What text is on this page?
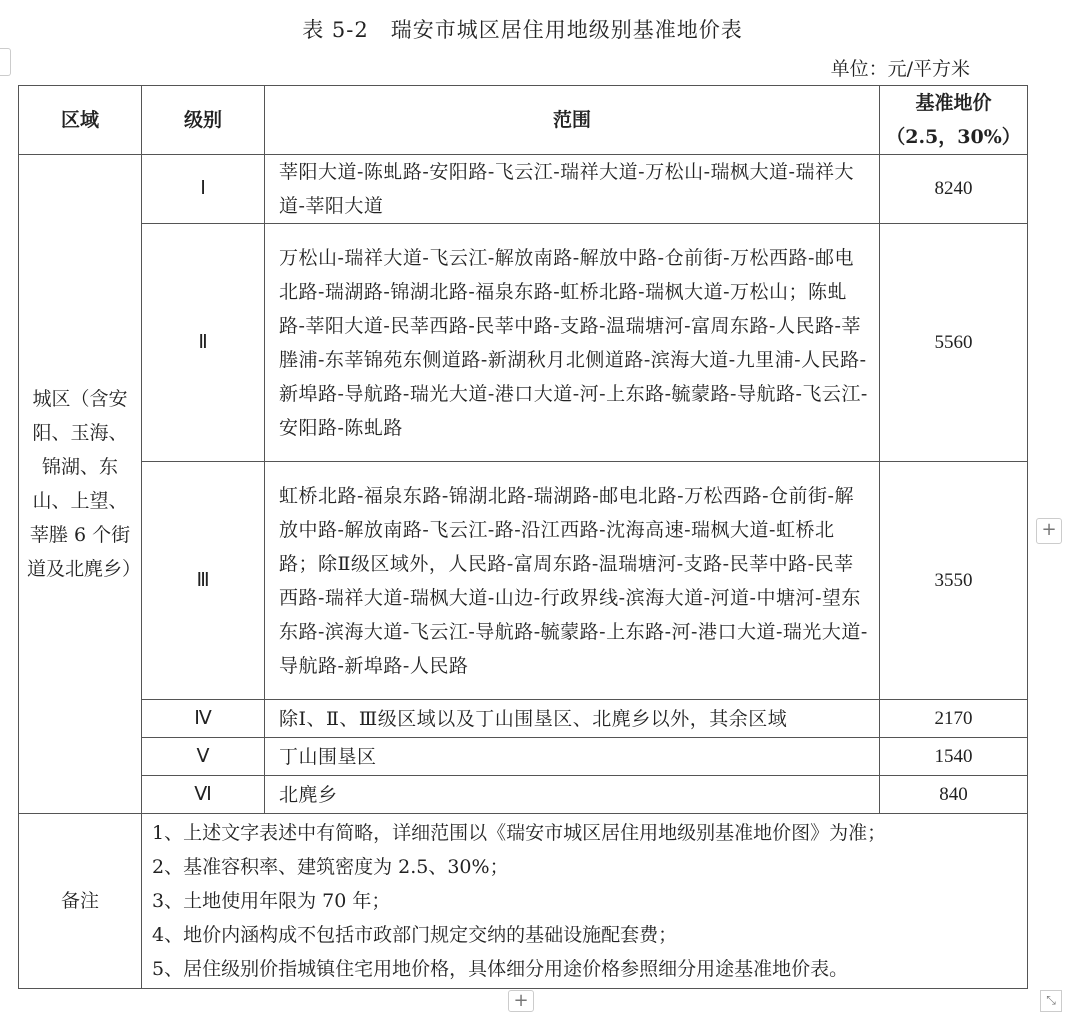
表 5-2　瑞安市城区居住用地级别基准地价表
单位：元/平方米
区域	级别	范围	基准地价
（2.5，30%）

城区（含安阳、玉海、锦湖、东山、上望、莘塍 6 个街道及北麂乡）	Ⅰ	莘阳大道-陈虬路-安阳路-飞云江-瑞祥大道-万松山-瑞枫大道-瑞祥大道-莘阳大道	8240
	Ⅱ	万松山-瑞祥大道-飞云江-解放南路-解放中路-仓前街-万松西路-邮电北路-瑞湖路-锦湖北路-福泉东路-虹桥北路-瑞枫大道-万松山；陈虬路-莘阳大道-民莘西路-民莘中路-支路-温瑞塘河-富周东路-人民路-莘塍浦-东莘锦苑东侧道路-新湖秋月北侧道路-滨海大道-九里浦-人民路-新埠路-导航路-瑞光大道-港口大道-河-上东路-毓蒙路-导航路-飞云江-安阳路-陈虬路	5560
	Ⅲ	虹桥北路-福泉东路-锦湖北路-瑞湖路-邮电北路-万松西路-仓前街-解放中路-解放南路-飞云江-路-沿江西路-沈海高速-瑞枫大道-虹桥北路；除Ⅱ级区域外，人民路-富周东路-温瑞塘河-支路-民莘中路-民莘西路-瑞祥大道-瑞枫大道-山边-行政界线-滨海大道-河道-中塘河-望东东路-滨海大道-飞云江-导航路-毓蒙路-上东路-河-港口大道-瑞光大道-导航路-新埠路-人民路	3550
	Ⅳ	除Ⅰ、Ⅱ、Ⅲ级区域以及丁山围垦区、北麂乡以外，其余区域	2170
	Ⅴ	丁山围垦区	1540
	Ⅵ	北麂乡	840
备注	1、上述文字表述中有简略，详细范围以《瑞安市城区居住用地级别基准地价图》为准；
2、基准容积率、建筑密度为 2.5、30%；
3、土地使用年限为 70 年；
4、地价内涵构成不包括市政部门规定交纳的基础设施配套费；
5、居住级别价指城镇住宅用地价格，具体细分用途价格参照细分用途基准地价表。		
+
+	⤡
